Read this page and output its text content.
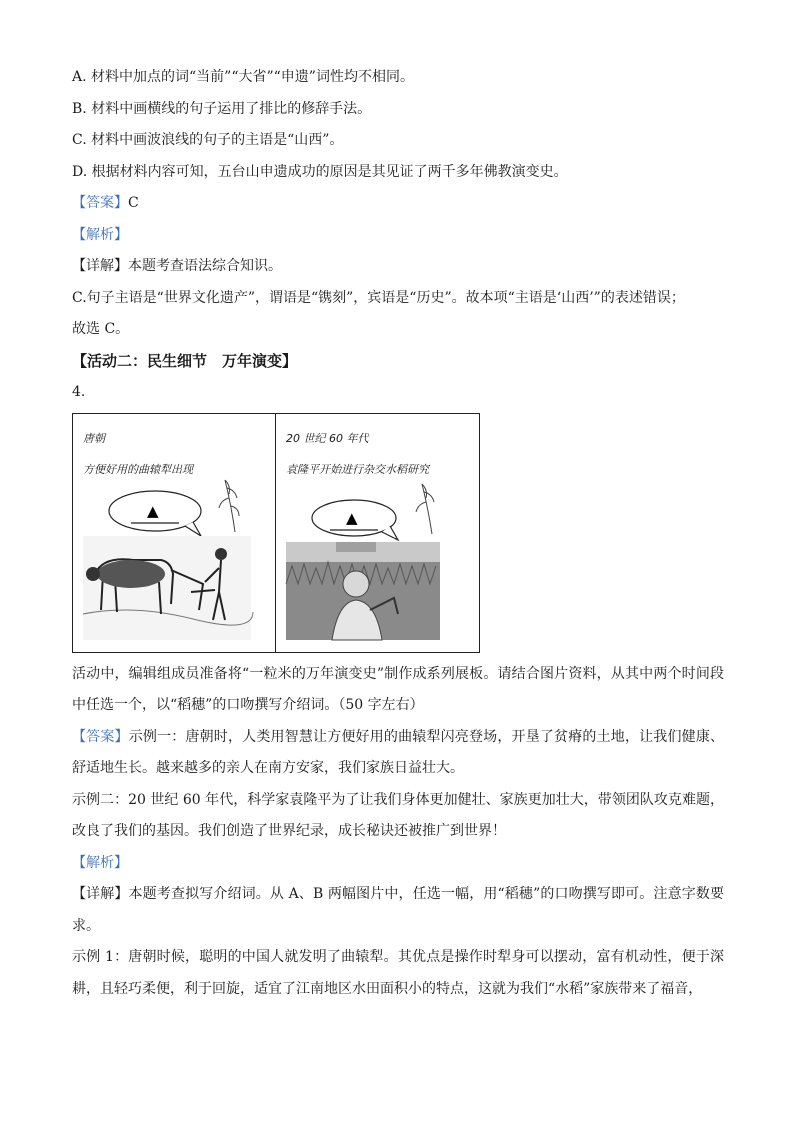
A. 材料中加点的词“当前”“大省”“申遗”词性均不相同。
B. 材料中画横线的句子运用了排比的修辞手法。
C. 材料中画波浪线的句子的主语是“山西”。
D. 根据材料内容可知，五台山申遗成功的原因是其见证了两千多年佛教演变史。
【答案】C
【解析】
【详解】本题考查语法综合知识。
C.句子主语是“世界文化遗产”，谓语是“镌刻”，宾语是“历史”。故本项“主语是‘山西’”的表述错误；
故选 C。
【活动二：民生细节　万年演变】
4.
唐朝
方便好用的曲辕犁出现
▲
20 世纪 60 年代
袁隆平开始进行杂交水稻研究
▲
活动中，编辑组成员准备将“一粒米的万年演变史”制作成系列展板。请结合图片资料，从其中两个时间段中任选一个，以“稻穗”的口吻撰写介绍词。（50 字左右）
【答案】示例一：唐朝时，人类用智慧让方便好用的曲辕犁闪亮登场，开垦了贫瘠的土地，让我们健康、舒适地生长。越来越多的亲人在南方安家，我们家族日益壮大。
示例二：20 世纪 60 年代，科学家袁隆平为了让我们身体更加健壮、家族更加壮大，带领团队攻克难题，改良了我们的基因。我们创造了世界纪录，成长秘诀还被推广到世界！
【解析】
【详解】本题考查拟写介绍词。从 A、B 两幅图片中，任选一幅，用“稻穗”的口吻撰写即可。注意字数要求。
示例 1：唐朝时候，聪明的中国人就发明了曲辕犁。其优点是操作时犁身可以摆动，富有机动性，便于深耕，且轻巧柔便，利于回旋，适宜了江南地区水田面积小的特点，这就为我们“水稻”家族带来了福音，
